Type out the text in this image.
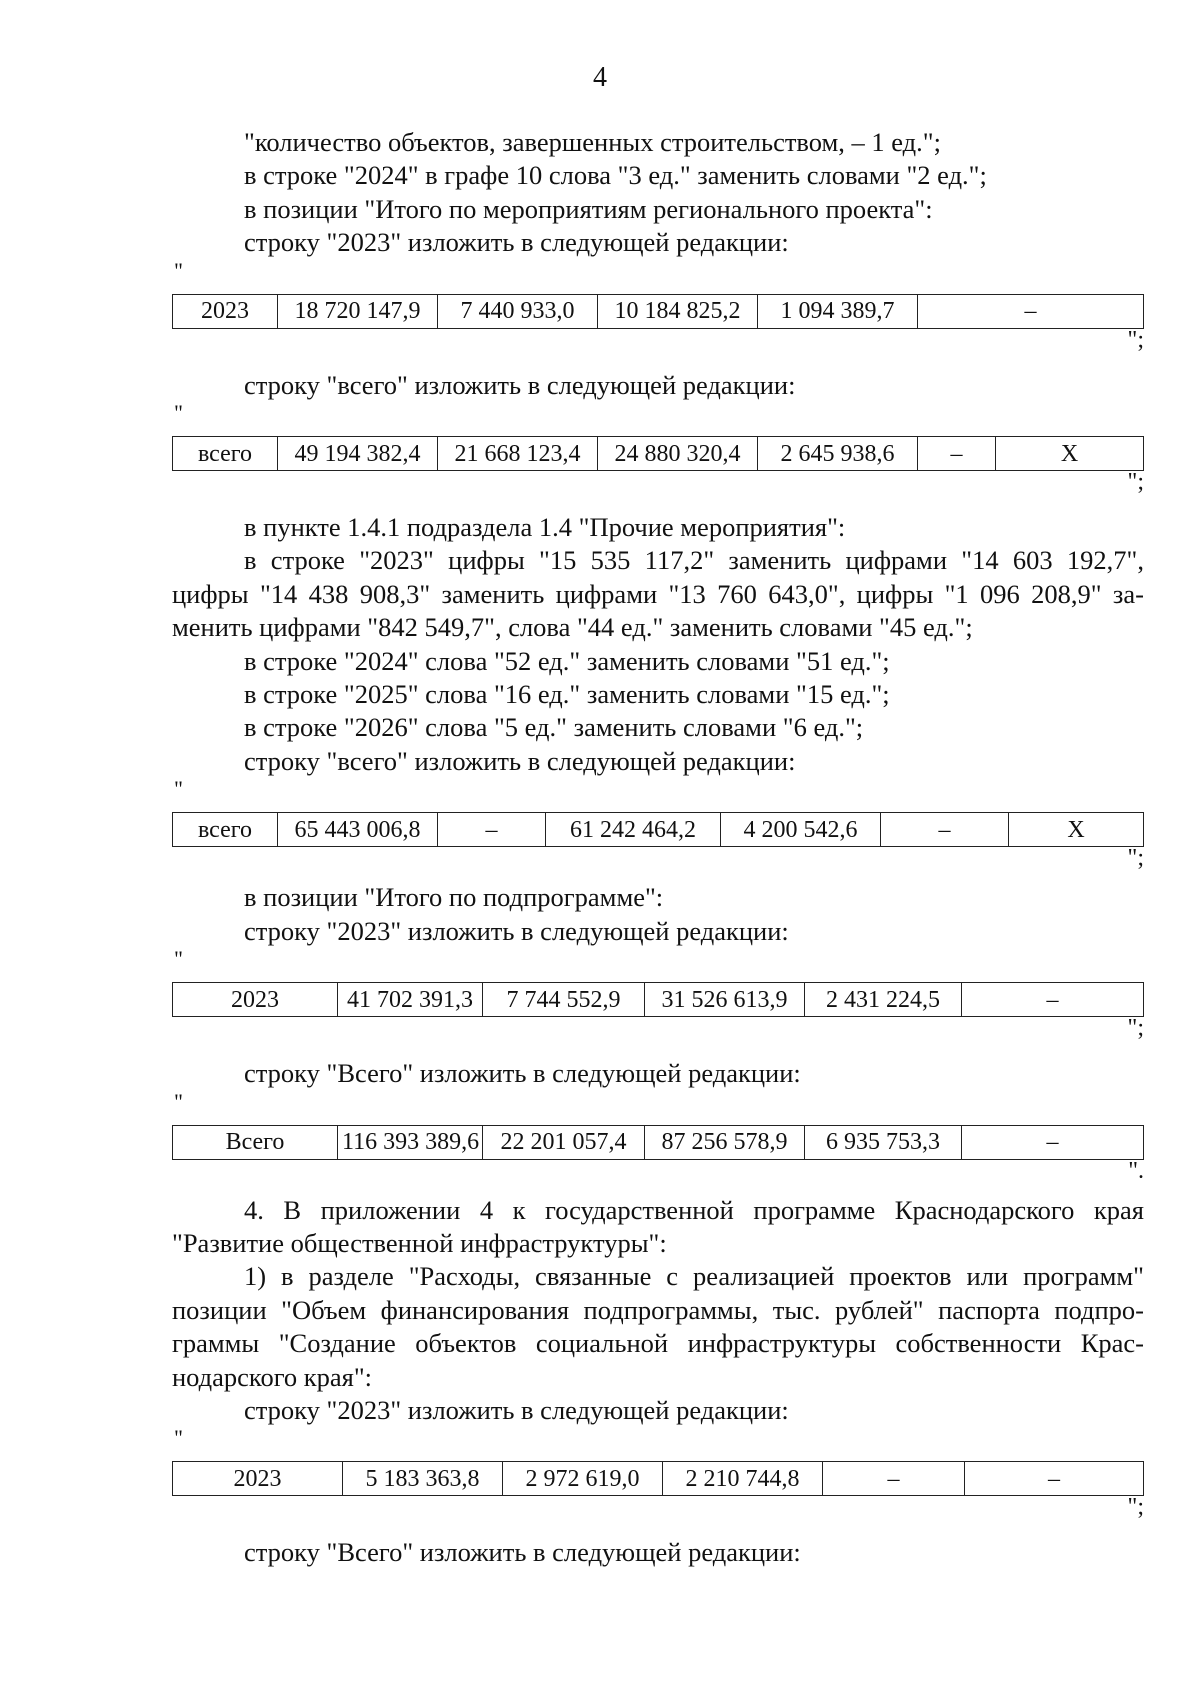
4
"количество объектов, завершенных строительством, – 1 ед.";
в строке "2024" в графе 10 слова "3 ед." заменить словами "2 ед.";
в позиции "Итого по мероприятиям регионального проекта":
строку "2023" изложить в следующей редакции:
"
2023	18 720 147,9	7 440 933,0	10 184 825,2	1 094 389,7	–
";
строку "всего" изложить в следующей редакции:
"
всего	49 194 382,4	21 668 123,4	24 880 320,4	2 645 938,6	–	X
";
в пункте 1.4.1 подраздела 1.4 "Прочие мероприятия":
в строке "2023" цифры "15 535 117,2" заменить цифрами "14 603 192,7",
цифры "14 438 908,3" заменить цифрами "13 760 643,0", цифры "1 096 208,9" за-
менить цифрами "842 549,7", слова "44 ед." заменить словами "45 ед.";
в строке "2024" слова "52 ед." заменить словами "51 ед.";
в строке "2025" слова "16 ед." заменить словами "15 ед.";
в строке "2026" слова "5 ед." заменить словами "6 ед.";
строку "всего" изложить в следующей редакции:
"
всего	65 443 006,8	–	61 242 464,2	4 200 542,6	–	X
";
в позиции "Итого по подпрограмме":
строку "2023" изложить в следующей редакции:
"
2023	41 702 391,3	7 744 552,9	31 526 613,9	2 431 224,5	–
";
строку "Всего" изложить в следующей редакции:
"
Всего	116 393 389,6	22 201 057,4	87 256 578,9	6 935 753,3	–
".
4. В приложении 4 к государственной программе Краснодарского края
"Развитие общественной инфраструктуры":
1) в разделе "Расходы, связанные с реализацией проектов или программ"
позиции "Объем финансирования подпрограммы, тыс. рублей" паспорта подпро-
граммы "Создание объектов социальной инфраструктуры собственности Крас-
нодарского края":
строку "2023" изложить в следующей редакции:
"
2023	5 183 363,8	2 972 619,0	2 210 744,8	–	–
";
строку "Всего" изложить в следующей редакции:
